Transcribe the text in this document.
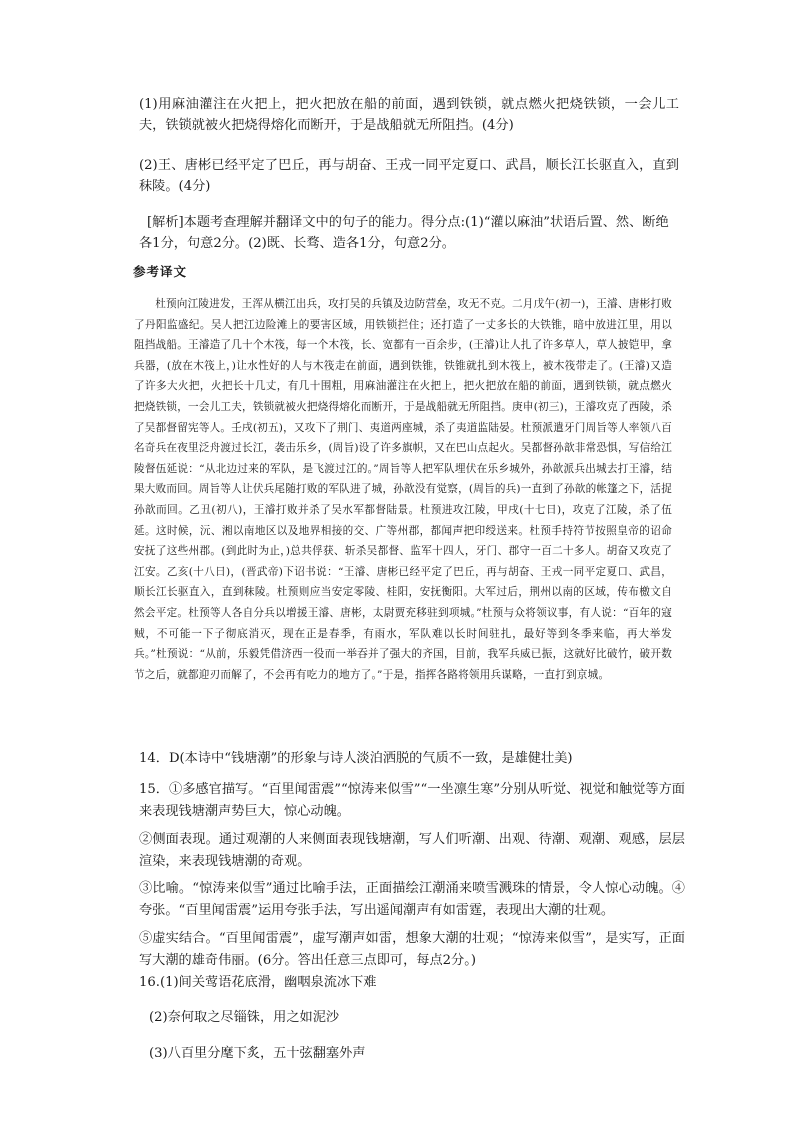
(1)用麻油灌注在火把上，把火把放在船的前面，遇到铁锁，就点燃火把烧铁锁，一会儿工夫，铁锁就被火把烧得熔化而断开，于是战船就无所阻挡。(4分)

(2)王、唐彬已经平定了巴丘，再与胡奋、王戎一同平定夏口、武昌，顺长江长驱直入，直到秣陵。(4分)

[解析]本题考查理解并翻译文中的句子的能力。得分点:(1)“灌以麻油”状语后置、然、断绝各1分，句意2分。(2)既、长骛、造各1分，句意2分。

参考译文

杜预向江陵进发，王浑从横江出兵，攻打吴的兵镇及边防营垒，攻无不克。二月戊午(初一)，王濬、唐彬打败了丹阳监盛纪。吴人把江边险滩上的要害区域，用铁锁拦住；还打造了一丈多长的大铁锥，暗中放进江里，用以阻挡战船。王濬造了几十个木筏，每一个木筏，长、宽都有一百余步，(王濬)让人扎了许多草人，草人披铠甲，拿兵器，(放在木筏上，)让水性好的人与木筏走在前面，遇到铁锥，铁锥就扎到木筏上，被木筏带走了。(王濬)又造了许多大火把，火把长十几丈，有几十围粗，用麻油灌注在火把上，把火把放在船的前面，遇到铁锁，就点燃火把烧铁锁，一会儿工夫，铁锁就被火把烧得熔化而断开，于是战船就无所阻挡。庚申(初三)，王濬攻克了西陵，杀了吴都督留宪等人。壬戌(初五)，又攻下了荆门、夷道两座城，杀了夷道监陆晏。杜预派遣牙门周旨等人率领八百名奇兵在夜里泛舟渡过长江，袭击乐乡，(周旨)设了许多旗帜，又在巴山点起火。吴都督孙歆非常恐惧，写信给江陵督伍延说：“从北边过来的军队，是飞渡过江的。”周旨等人把军队埋伏在乐乡城外，孙歆派兵出城去打王濬，结果大败而回。周旨等人让伏兵尾随打败的军队进了城，孙歆没有觉察，(周旨的兵)一直到了孙歆的帐篷之下，活捉孙歆而回。乙丑(初八)，王濬打败并杀了吴水军都督陆景。杜预进攻江陵，甲戌(十七日)，攻克了江陵，杀了伍延。这时候，沅、湘以南地区以及地界相接的交、广等州郡，都闻声把印绶送来。杜预手持符节按照皇帝的诏命安抚了这些州郡。(到此时为止，)总共俘获、斩杀吴都督、监军十四人，牙门、郡守一百二十多人。胡奋又攻克了江安。乙亥(十八日)，(晋武帝)下诏书说：“王濬、唐彬已经平定了巴丘，再与胡奋、王戎一同平定夏口、武昌，顺长江长驱直入，直到秣陵。杜预则应当安定零陵、桂阳，安抚衡阳。大军过后，荆州以南的区域，传布檄文自然会平定。杜预等人各自分兵以增援王濬、唐彬，太尉贾充移驻到项城。”杜预与众将领议事，有人说：“百年的寇贼，不可能一下子彻底消灭，现在正是春季，有雨水，军队难以长时间驻扎，最好等到冬季来临，再大举发兵。”杜预说：“从前，乐毅凭借济西一役而一举吞并了强大的齐国，目前，我军兵威已振，这就好比破竹，破开数节之后，就都迎刃而解了，不会再有吃力的地方了。”于是，指挥各路将领用兵谋略，一直打到京城。

14．D(本诗中“钱塘潮”的形象与诗人淡泊洒脱的气质不一致，是雄健壮美)

15．①多感官描写。“百里闻雷震”“惊涛来似雪”“一坐凛生寒”分别从听觉、视觉和触觉等方面来表现钱塘潮声势巨大，惊心动魄。

②侧面表现。通过观潮的人来侧面表现钱塘潮，写人们听潮、出观、待潮、观潮、观感，层层渲染，来表现钱塘潮的奇观。

③比喻。“惊涛来似雪”通过比喻手法，正面描绘江潮涌来喷雪溅珠的情景，令人惊心动魄。④夸张。“百里闻雷震”运用夸张手法，写出遥闻潮声有如雷霆，表现出大潮的壮观。

⑤虚实结合。“百里闻雷震”，虚写潮声如雷，想象大潮的壮观；“惊涛来似雪”，是实写，正面写大潮的雄奇伟丽。(6分。答出任意三点即可，每点2分。)

16.(1)间关莺语花底滑，幽咽泉流冰下难
(2)奈何取之尽锱铢，用之如泥沙
(3)八百里分麾下炙，五十弦翻塞外声
